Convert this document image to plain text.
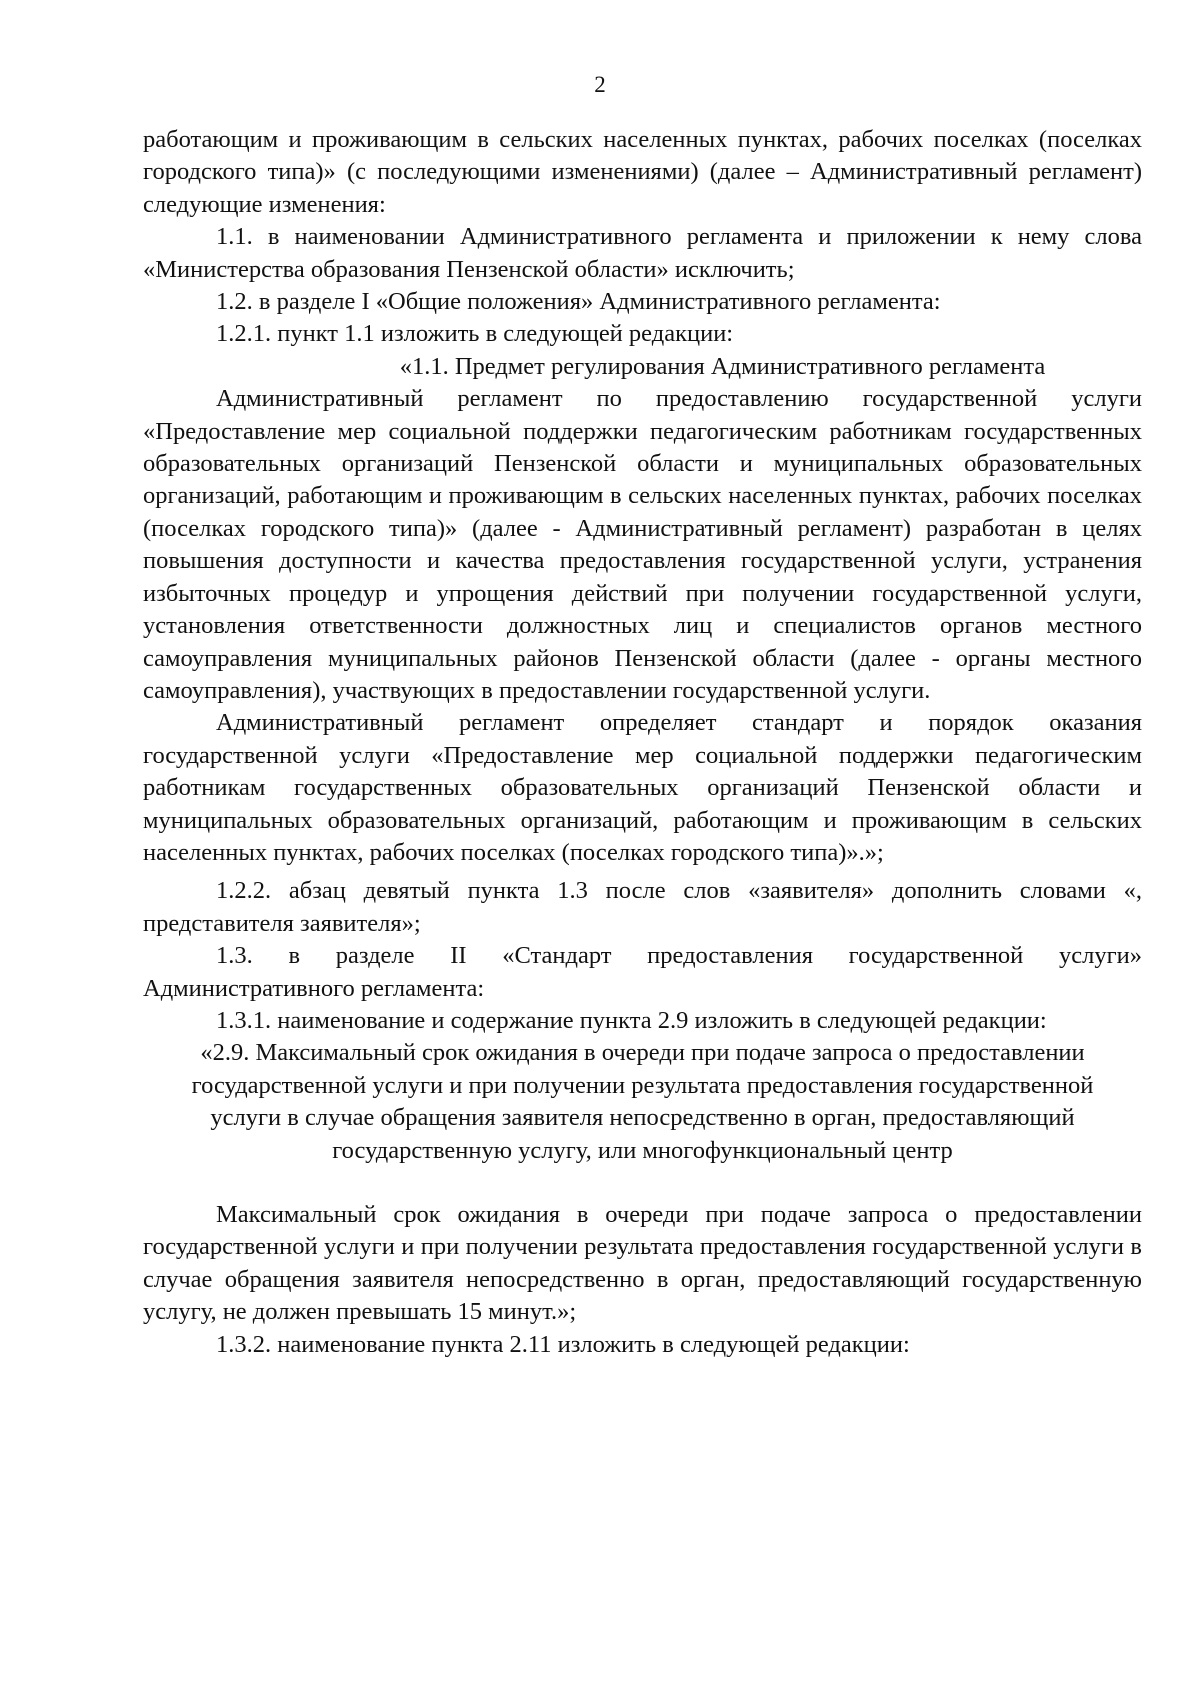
2

работающим и проживающим в сельских населенных пунктах, рабочих поселках (поселках городского типа)» (с последующими изменениями) (далее – Административный регламент) следующие изменения:

1.1. в наименовании Административного регламента и приложении к нему слова «Министерства образования Пензенской области» исключить;

1.2. в разделе I «Общие положения» Административного регламента:

1.2.1. пункт 1.1 изложить в следующей редакции:

«1.1. Предмет регулирования Административного регламента

Административный регламент по предоставлению государственной услуги «Предоставление мер социальной поддержки педагогическим работникам государственных образовательных организаций Пензенской области и муниципальных образовательных организаций, работающим и проживающим в сельских населенных пунктах, рабочих поселках (поселках городского типа)» (далее - Административный регламент) разработан в целях повышения доступности и качества предоставления государственной услуги, устранения избыточных процедур и упрощения действий при получении государственной услуги, установления ответственности должностных лиц и специалистов органов местного самоуправления муниципальных районов Пензенской области (далее - органы местного самоуправления), участвующих в предоставлении государственной услуги.

Административный регламент определяет стандарт и порядок оказания государственной услуги «Предоставление мер социальной поддержки педагогическим работникам государственных образовательных организаций Пензенской области и муниципальных образовательных организаций, работающим и проживающим в сельских населенных пунктах, рабочих поселках (поселках городского типа)».»;

1.2.2. абзац девятый пункта 1.3 после слов «заявителя» дополнить словами «, представителя заявителя»;

1.3. в разделе II «Стандарт предоставления государственной услуги» Административного регламента:

1.3.1. наименование и содержание пункта 2.9 изложить в следующей редакции:

«2.9. Максимальный срок ожидания в очереди при подаче запроса о предоставлении государственной услуги и при получении результата предоставления государственной услуги в случае обращения заявителя непосредственно в орган, предоставляющий государственную услугу, или многофункциональный центр

Максимальный срок ожидания в очереди при подаче запроса о предоставлении государственной услуги и при получении результата предоставления государственной услуги в случае обращения заявителя непосредственно в орган, предоставляющий государственную услугу, не должен превышать 15 минут.»;

1.3.2. наименование пункта 2.11 изложить в следующей редакции:
